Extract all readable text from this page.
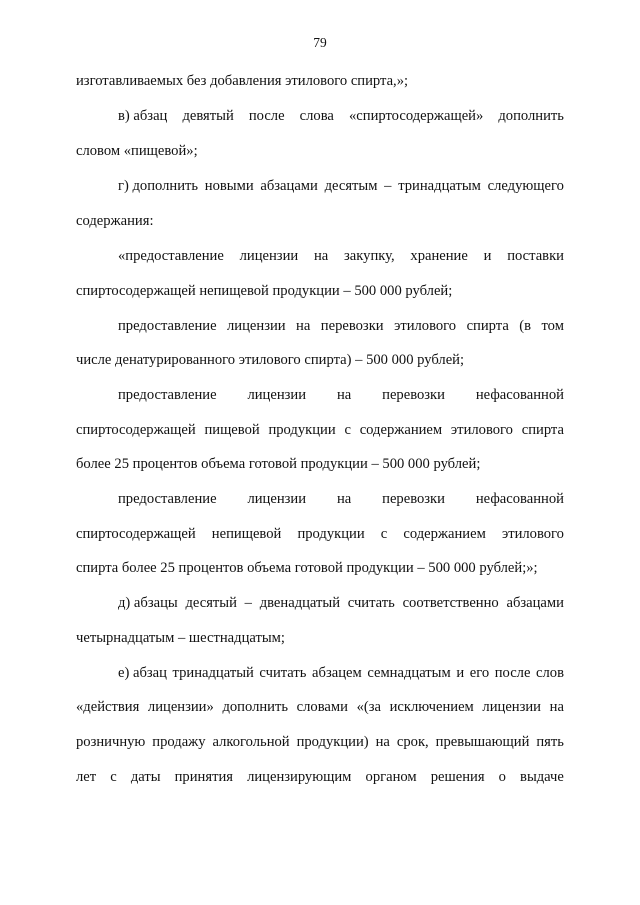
79
изготавливаемых без добавления этилового спирта,»;
в) абзац девятый после слова «спиртосодержащей» дополнить
словом «пищевой»;
г) дополнить новыми абзацами десятым – тринадцатым следующего
содержания:
«предоставление лицензии на закупку, хранение и поставки
спиртосодержащей непищевой продукции – 500 000 рублей;
предоставление лицензии на перевозки этилового спирта (в том
числе денатурированного этилового спирта) – 500 000 рублей;
предоставление лицензии на перевозки нефасованной
спиртосодержащей пищевой продукции с содержанием этилового спирта
более 25 процентов объема готовой продукции – 500 000 рублей;
предоставление лицензии на перевозки нефасованной
спиртосодержащей непищевой продукции с содержанием этилового
спирта более 25 процентов объема готовой продукции – 500 000 рублей;»;
д) абзацы десятый – двенадцатый считать соответственно абзацами
четырнадцатым – шестнадцатым;
е) абзац тринадцатый считать абзацем семнадцатым и его после слов
«действия лицензии» дополнить словами «(за исключением лицензии на
розничную продажу алкогольной продукции) на срок, превышающий пять
лет с даты принятия лицензирующим органом решения о выдаче
